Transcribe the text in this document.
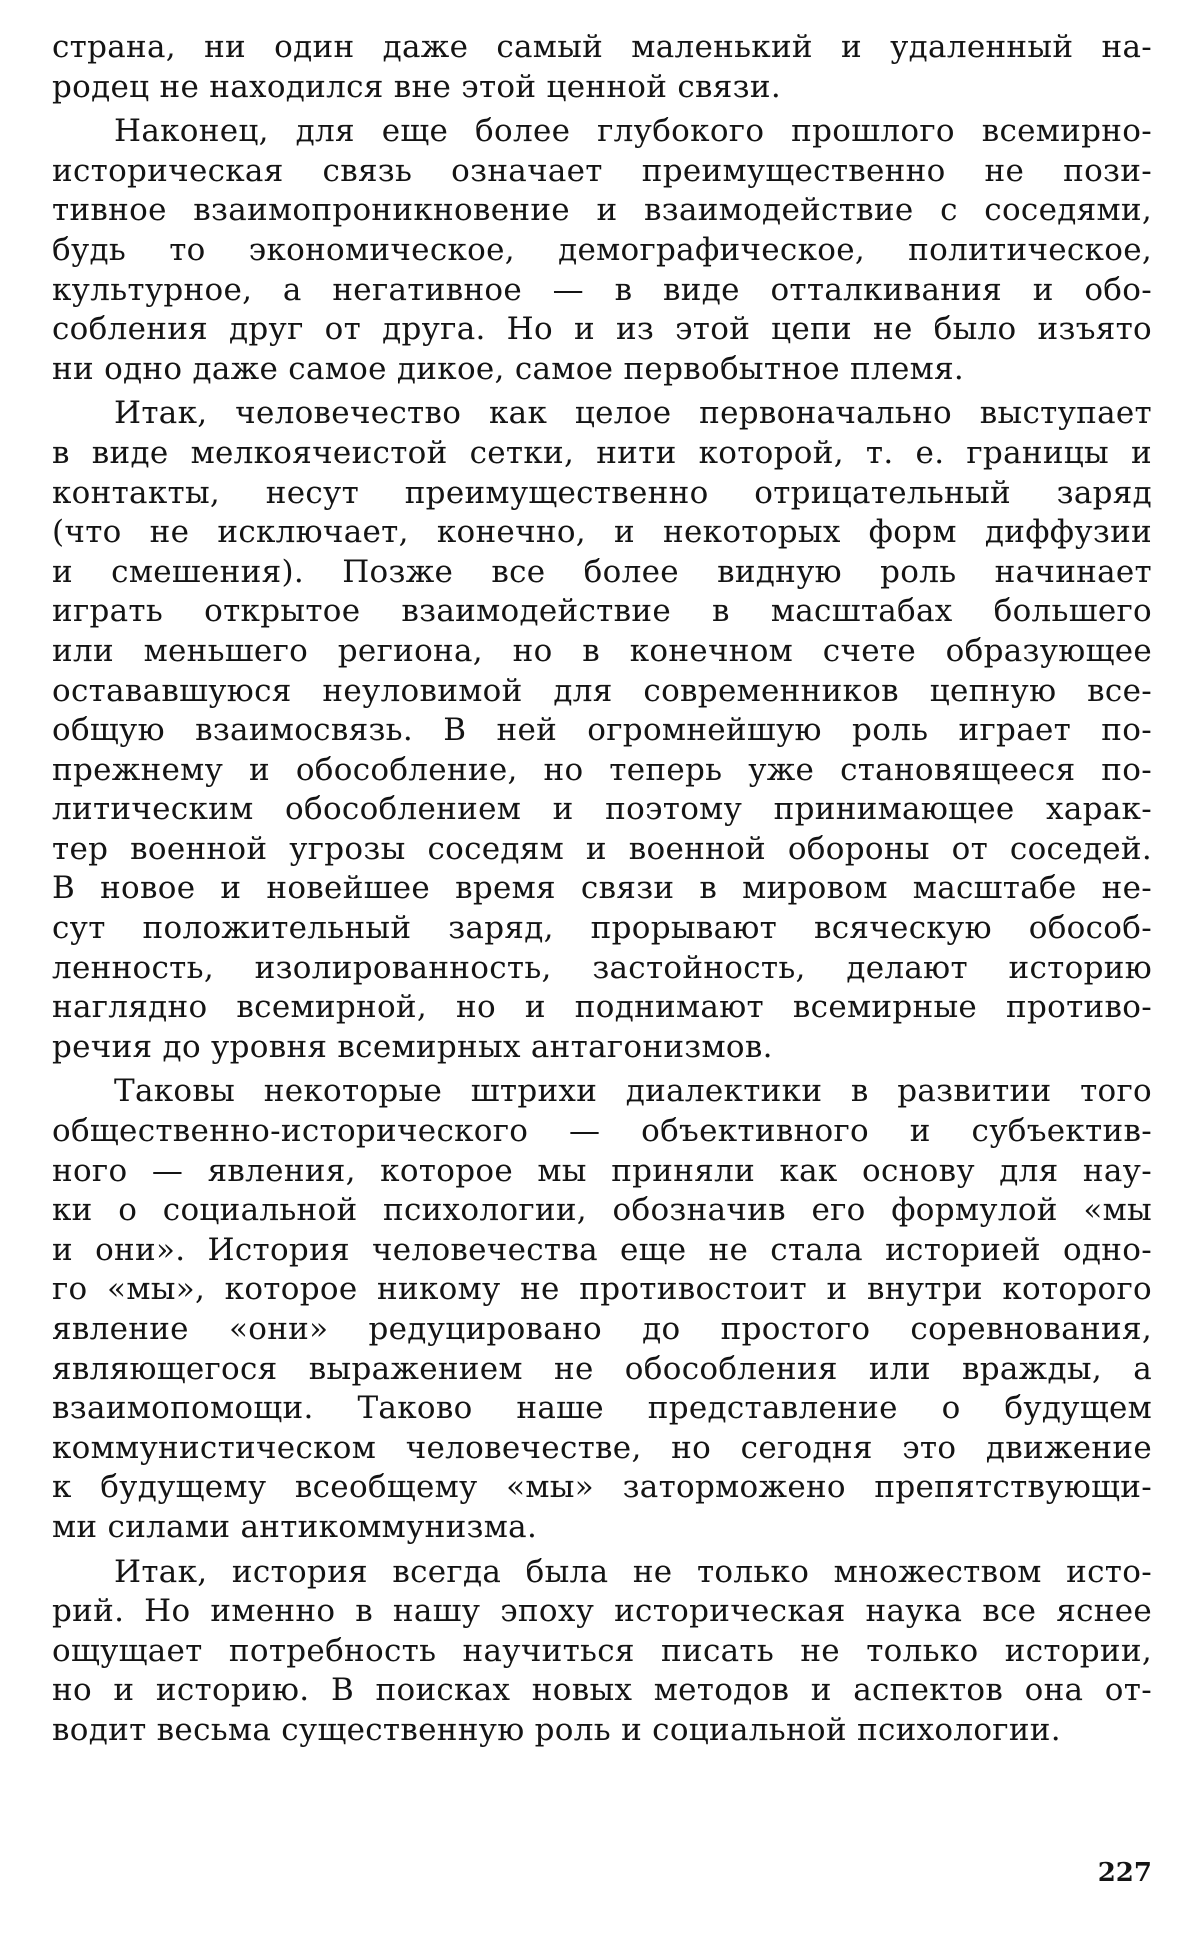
страна, ни один даже самый маленький и удаленный на-
родец не находился вне этой ценной связи.

Наконец, для еще более глубокого прошлого всемирно-
историческая связь означает преимущественно не пози-
тивное взаимопроникновение и взаимодействие с соседями,
будь то экономическое, демографическое, политическое,
культурное, а негативное — в виде отталкивания и обо-
собления друг от друга. Но и из этой цепи не было изъято
ни одно даже самое дикое, самое первобытное племя.

Итак, человечество как целое первоначально выступает
в виде мелкоячеистой сетки, нити которой, т. е. границы и
контакты, несут преимущественно отрицательный заряд
(что не исключает, конечно, и некоторых форм диффузии
и смешения). Позже все более видную роль начинает
играть открытое взаимодействие в масштабах большего
или меньшего региона, но в конечном счете образующее
остававшуюся неуловимой для современников цепную все-
общую взаимосвязь. В ней огромнейшую роль играет по-
прежнему и обособление, но теперь уже становящееся по-
литическим обособлением и поэтому принимающее харак-
тер военной угрозы соседям и военной обороны от соседей.
В новое и новейшее время связи в мировом масштабе не-
сут положительный заряд, прорывают всяческую обособ-
ленность, изолированность, застойность, делают историю
наглядно всемирной, но и поднимают всемирные противо-
речия до уровня всемирных антагонизмов.

Таковы некоторые штрихи диалектики в развитии того
общественно-исторического — объективного и субъектив-
ного — явления, которое мы приняли как основу для нау-
ки о социальной психологии, обозначив его формулой «мы
и они». История человечества еще не стала историей одно-
го «мы», которое никому не противостоит и внутри которого
явление «они» редуцировано до простого соревнования,
являющегося выражением не обособления или вражды, а
взаимопомощи. Таково наше представление о будущем
коммунистическом человечестве, но сегодня это движение
к будущему всеобщему «мы» заторможено препятствующи-
ми силами антикоммунизма.

Итак, история всегда была не только множеством исто-
рий. Но именно в нашу эпоху историческая наука все яснее
ощущает потребность научиться писать не только истории,
но и историю. В поисках новых методов и аспектов она от-
водит весьма существенную роль и социальной психологии.

227
